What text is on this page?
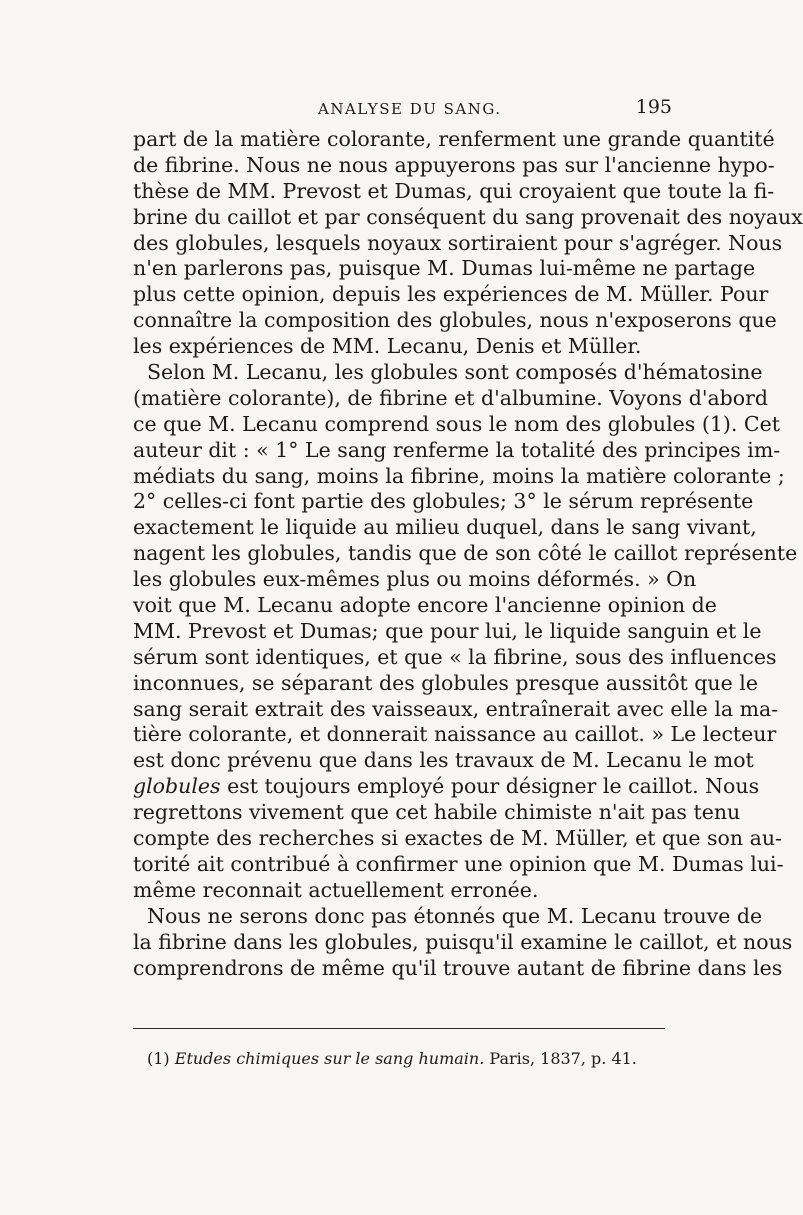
ANALYSE DU SANG.	195
part de la matière colorante, renferment une grande quantité
de fibrine. Nous ne nous appuyerons pas sur l'ancienne hypo-
thèse de MM. Prevost et Dumas, qui croyaient que toute la fi-
brine du caillot et par conséquent du sang provenait des noyaux
des globules, lesquels noyaux sortiraient pour s'agréger. Nous
n'en parlerons pas, puisque M. Dumas lui-même ne partage
plus cette opinion, depuis les expériences de M. Müller. Pour
connaître la composition des globules, nous n'exposerons que
les expériences de MM. Lecanu, Denis et Müller.
Selon M. Lecanu, les globules sont composés d'hématosine
(matière colorante), de fibrine et d'albumine. Voyons d'abord
ce que M. Lecanu comprend sous le nom des globules (1). Cet
auteur dit : « 1° Le sang renferme la totalité des principes im-
médiats du sang, moins la fibrine, moins la matière colorante ;
2° celles-ci font partie des globules; 3° le sérum représente
exactement le liquide au milieu duquel, dans le sang vivant,
nagent les globules, tandis que de son côté le caillot représente
les globules eux-mêmes plus ou moins déformés. » On
voit que M. Lecanu adopte encore l'ancienne opinion de
MM. Prevost et Dumas; que pour lui, le liquide sanguin et le
sérum sont identiques, et que « la fibrine, sous des influences
inconnues, se séparant des globules presque aussitôt que le
sang serait extrait des vaisseaux, entraînerait avec elle la ma-
tière colorante, et donnerait naissance au caillot. » Le lecteur
est donc prévenu que dans les travaux de M. Lecanu le mot
globules est toujours employé pour désigner le caillot. Nous
regrettons vivement que cet habile chimiste n'ait pas tenu
compte des recherches si exactes de M. Müller, et que son au-
torité ait contribué à confirmer une opinion que M. Dumas lui-
même reconnait actuellement erronée.
Nous ne serons donc pas étonnés que M. Lecanu trouve de
la fibrine dans les globules, puisqu'il examine le caillot, et nous
comprendrons de même qu'il trouve autant de fibrine dans les
(1) Etudes chimiques sur le sang humain. Paris, 1837, p. 41.
